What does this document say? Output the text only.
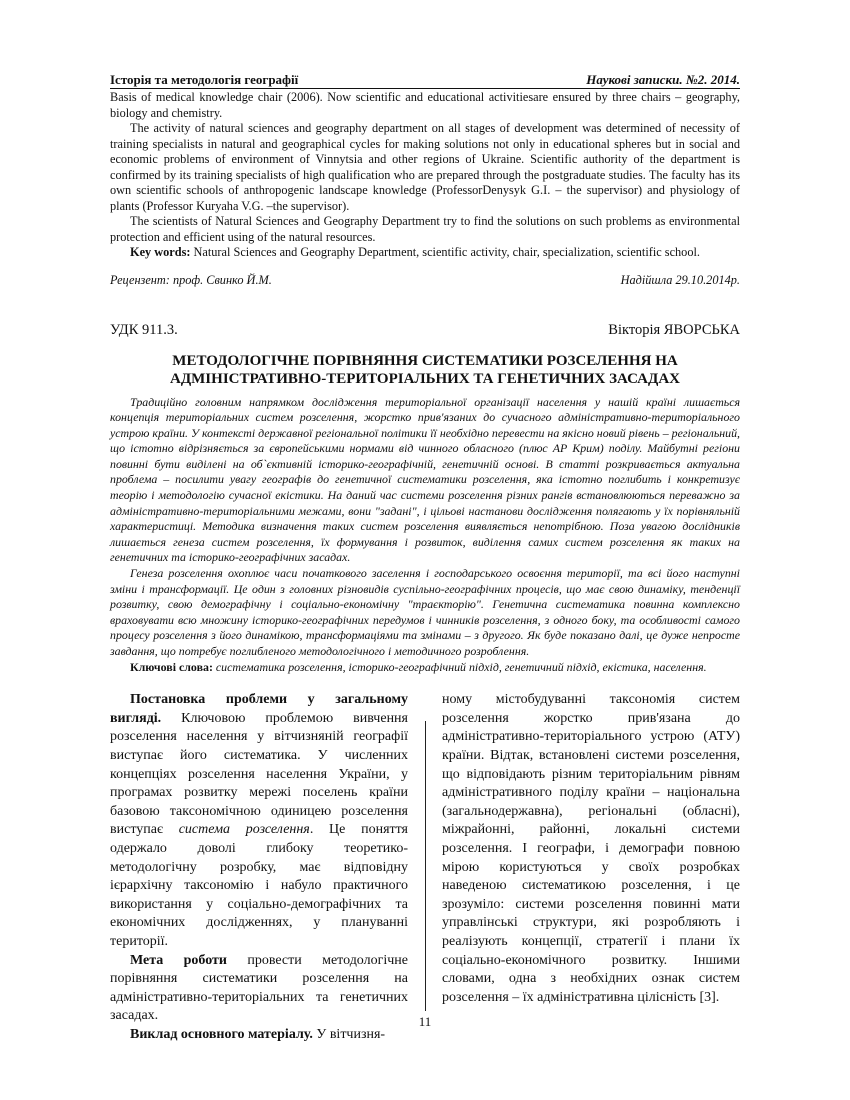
Історія та методологія географії	Наукові записки. №2. 2014.

Basis of medical knowledge chair (2006). Now scientific and educational activitiesare ensured by three chairs – geography, biology and chemistry.

The activity of natural sciences and geography department on all stages of development was determined of necessity of training specialists in natural and geographical cycles for making solutions not only in educational spheres but in social and economic problems of environment of Vinnytsia and other regions of Ukraine. Scientific authority of the department is confirmed by its training specialists of high qualification who are prepared through the postgraduate studies. The faculty has its own scientific schools of anthropogenic landscape knowledge (ProfessorDenysyk G.I. – the supervisor) and physiology of plants (Professor Kuryaha V.G. –the supervisor).

The scientists of Natural Sciences and Geography Department try to find the solutions on such problems as environmental protection and efficient using of the natural resources.

Key words: Natural Sciences and Geography Department, scientific activity, chair, specialization, scientific school.

Рецензент: проф. Свинко Й.М.	Надійшла 29.10.2014р.
УДК 911.3.	Вікторія ЯВОРСЬКА
МЕТОДОЛОГІЧНЕ ПОРІВНЯННЯ СИСТЕМАТИКИ РОЗСЕЛЕННЯ НА
АДМІНІСТРАТИВНО-ТЕРИТОРІАЛЬНИХ ТА ГЕНЕТИЧНИХ ЗАСАДАХ

Традиційно головним напрямком дослідження територіальної організації населення у нашій країні лишається концепція територіальних систем розселення, жорстко прив'язаних до сучасного адміністративно-територіального устрою країни. У контексті державної регіональної політики її необхідно перевести на якісно новий рівень – регіональний, що істотно відрізняється за європейськими нормами від чинного обласного (плюс АР Крим) поділу. Майбутні регіони повинні бути виділені на об`єктивній історико-географічній, генетичній основі. В статті розкривається актуальна проблема – посилити увагу географів до генетичної систематики розселення, яка істотно поглибить і конкретизує теорію і методологію сучасної екістики. На даний час системи розселення різних рангів встановлюються переважно за адміністративно-територіальними межами, вони "задані", і цільові настанови дослідження полягають у їх порівняльній характеристиці. Методика визначення таких систем розселення виявляється непотрібною. Поза увагою дослідників лишається генеза систем розселення, їх формування і розвиток, виділення самих систем розселення як таких на генетичних та історико-географічних засадах.

Генеза розселення охоплює часи початкового заселення і господарського освоєння території, та всі його наступні зміни і трансформації. Це один з головних різновидів суспільно-географічних процесів, що має свою динаміку, тенденції розвитку, свою демографічну і соціально-економічну "траєкторію". Генетична систематика повинна комплексно враховувати всю множину історико-географічних передумов і чинників розселення, з одного боку, та особливості самого процесу розселення з його динамікою, трансформаціями та змінами – з другого. Як буде показано далі, це дуже непросте завдання, що потребує поглибленого методологічного і методичного розроблення.

Ключові слова: систематика розселення, історико-географічний підхід, генетичний підхід, екістика, населення.

Постановка проблеми у загальному вигляді. Ключовою проблемою вивчення розселення населення у вітчизняній географії виступає його систематика. У численних концепціях розселення населення України, у програмах розвитку мережі поселень країни базовою таксономічною одиницею розселення виступає система розселення. Це поняття одержало доволі глибоку теоретико-методологічну розробку, має відповідну ієрархічну таксономію і набуло практичного використання у соціально-демографічних та економічних дослідженнях, у плануванні території.

Мета роботи провести методологічне порівняння систематики розселення на адміністративно-територіальних та генетичних засадах.

Виклад основного матеріалу. У вітчизня-

ному містобудуванні таксономія систем розселення жорстко прив'язана до адміністративно-територіального устрою (АТУ) країни. Відтак, встановлені системи розселення, що відповідають різним територіальним рівням адміністративного поділу країни – національна (загальнодержавна), регіональні (обласні), міжрайонні, районні, локальні системи розселення. І географи, і демографи повною мірою користуються у своїх розробках наведеною систематикою розселення, і це зрозуміло: системи розселення повинні мати управлінські структури, які розробляють і реалізують концепції, стратегії і плани їх соціально-економічного розвитку. Іншими словами, одна з необхідних ознак систем розселення – їх адміністративна цілісність [3].

11
